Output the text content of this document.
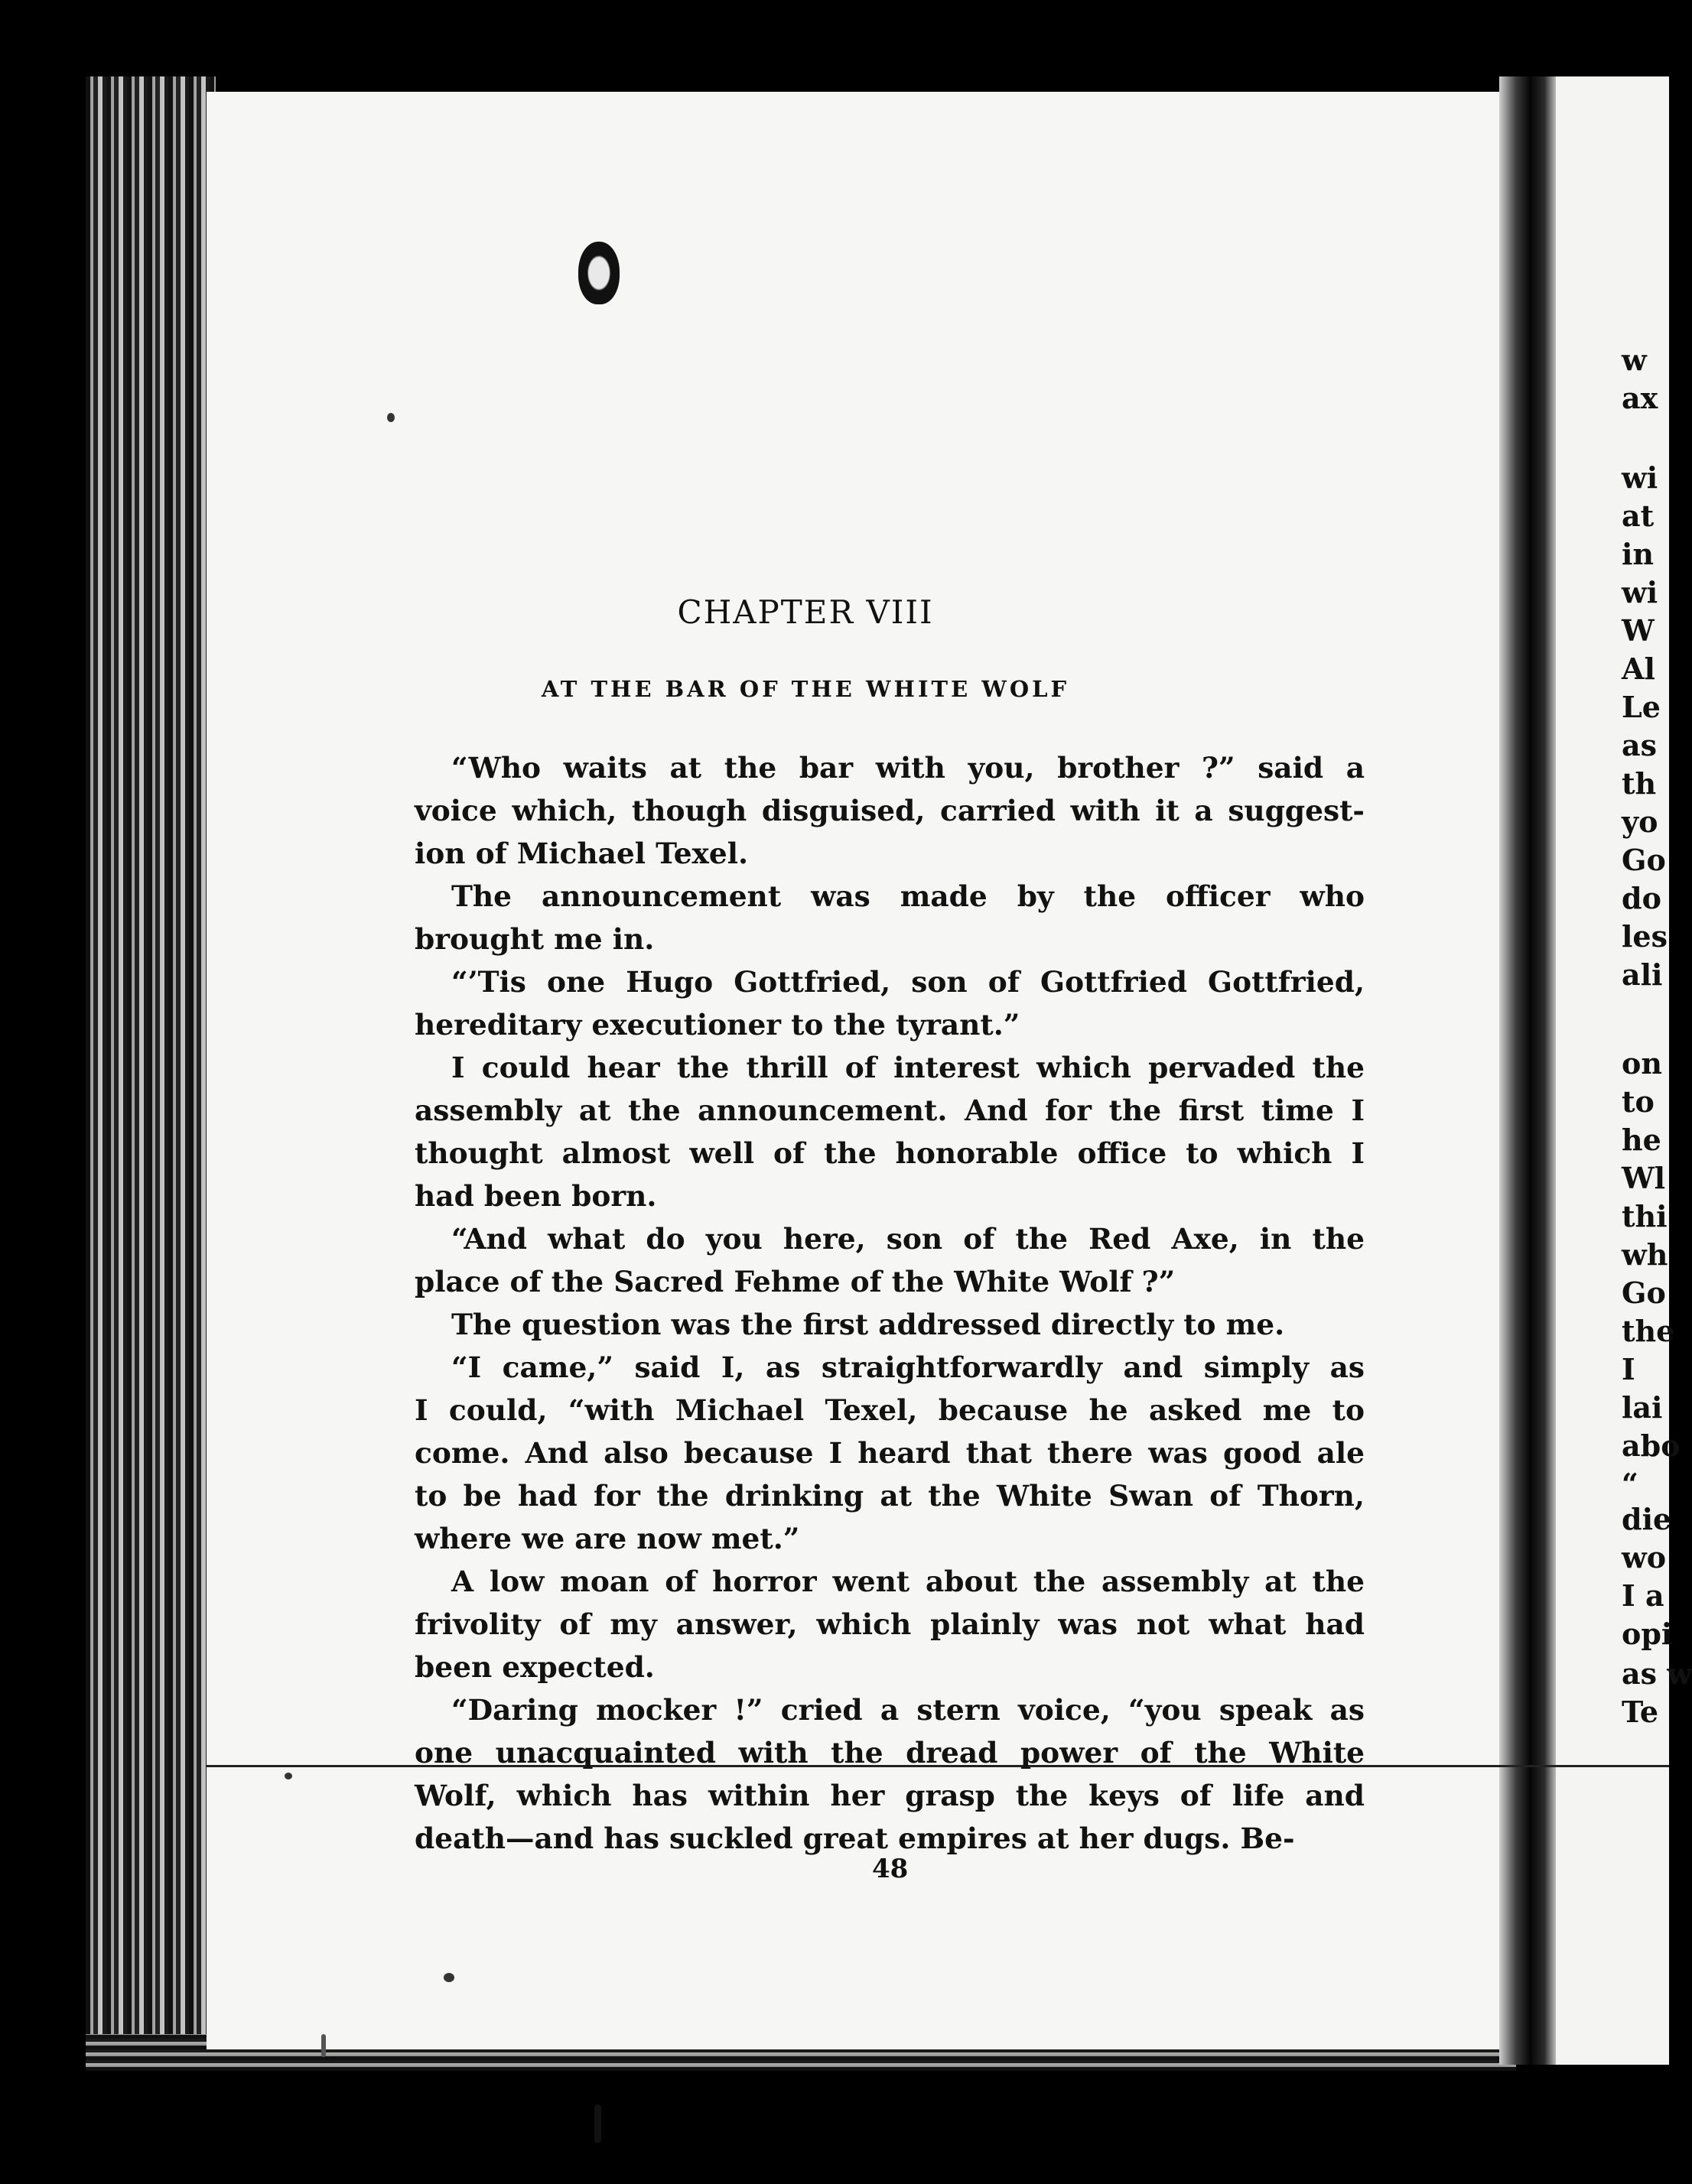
w
ax
wi
at
in
wi
W
Al
Le
as
th
yo
Go
do
les
ali
on
to
he
Wl
thi
wh
Go
the
I
lai
abo
“
die
wo
I a
opi
as w
Te
CHAPTER VIII
AT THE BAR OF THE WHITE WOLF

“Who waits at the bar with you, brother ?” said a
voice which, though disguised, carried with it a suggest-
ion of Michael Texel.

The announcement was made by the officer who
brought me in.

“’Tis one Hugo Gottfried, son of Gottfried Gottfried,
hereditary executioner to the tyrant.”

I could hear the thrill of interest which pervaded the
assembly at the announcement. And for the first time I
thought almost well of the honorable office to which I
had been born.

“And what do you here, son of the Red Axe, in the
place of the Sacred Fehme of the White Wolf ?”

The question was the first addressed directly to me.

“I came,” said I, as straightforwardly and simply as
I could, “with Michael Texel, because he asked me to
come. And also because I heard that there was good ale
to be had for the drinking at the White Swan of Thorn,
where we are now met.”

A low moan of horror went about the assembly at the
frivolity of my answer, which plainly was not what had
been expected.

“Daring mocker !” cried a stern voice, “you speak as
one unacquainted with the dread power of the White
Wolf, which has within her grasp the keys of life and
death—and has suckled great empires at her dugs. Be-

48
